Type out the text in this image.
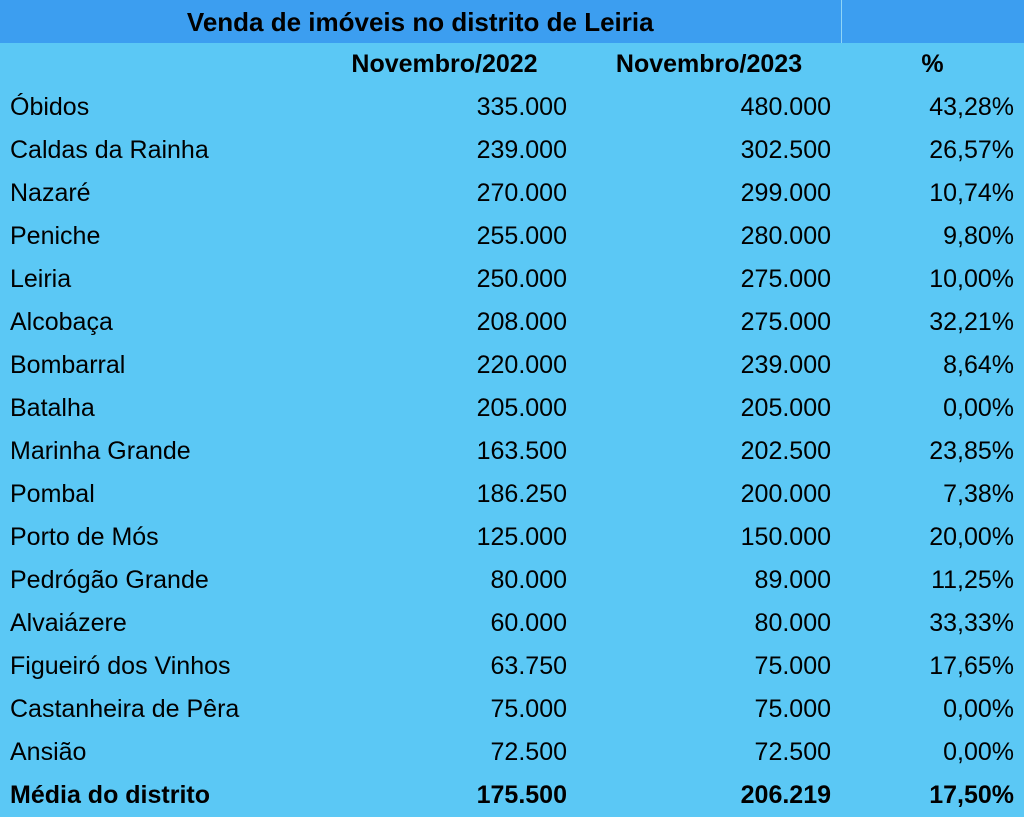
Venda de imóveis no distrito de Leiria			
	Novembro/2022	Novembro/2023	%
Óbidos	335.000	480.000	43,28%
Caldas da Rainha	239.000	302.500	26,57%
Nazaré	270.000	299.000	10,74%
Peniche	255.000	280.000	9,80%
Leiria	250.000	275.000	10,00%
Alcobaça	208.000	275.000	32,21%
Bombarral	220.000	239.000	8,64%
Batalha	205.000	205.000	0,00%
Marinha Grande	163.500	202.500	23,85%
Pombal	186.250	200.000	7,38%
Porto de Mós	125.000	150.000	20,00%
Pedrógão Grande	80.000	89.000	11,25%
Alvaiázere	60.000	80.000	33,33%
Figueiró dos Vinhos	63.750	75.000	17,65%
Castanheira de Pêra	75.000	75.000	0,00%
Ansião	72.500	72.500	0,00%
Média do distrito	175.500	206.219	17,50%
